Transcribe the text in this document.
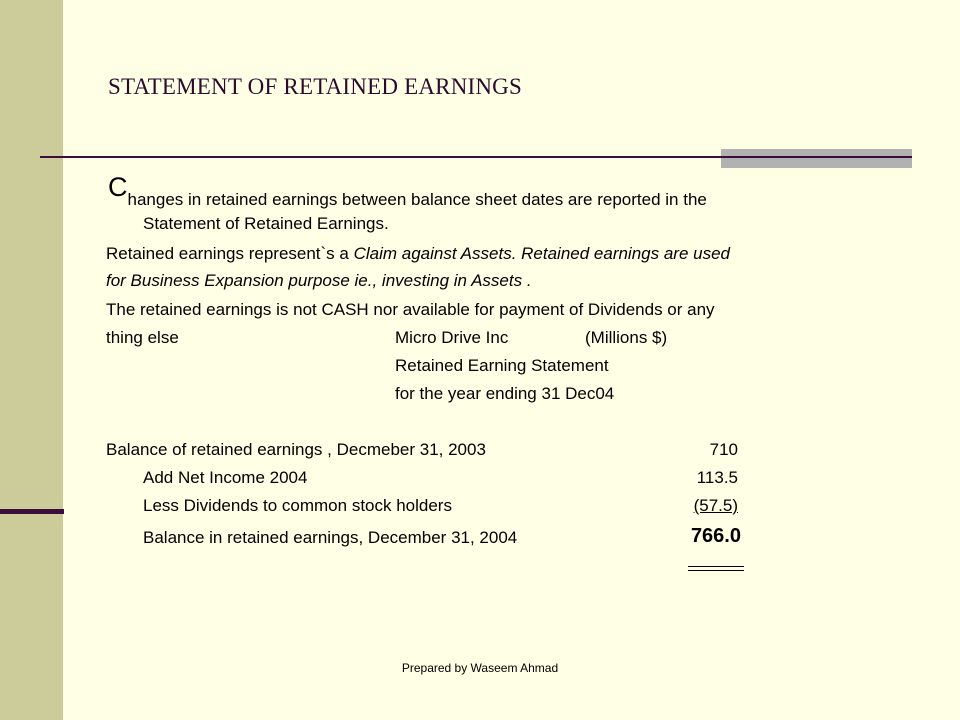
STATEMENT OF RETAINED EARNINGS
Changes in retained earnings between balance sheet dates are reported in the
Statement of Retained Earnings.
Retained earnings represent`s a Claim against Assets. Retained earnings are used
for Business Expansion purpose ie., investing in Assets .
The retained earnings is not CASH nor available for payment of Dividends or any
thing else	Micro Drive Inc	(Millions $)
Retained Earning Statement
for the year ending 31 Dec04
Balance of retained earnings , Decmeber 31, 2003	710
Add Net Income 2004	113.5
Less Dividends to common stock holders	(57.5)
Balance in retained earnings, December 31, 2004	766.0
Prepared by Waseem Ahmad
